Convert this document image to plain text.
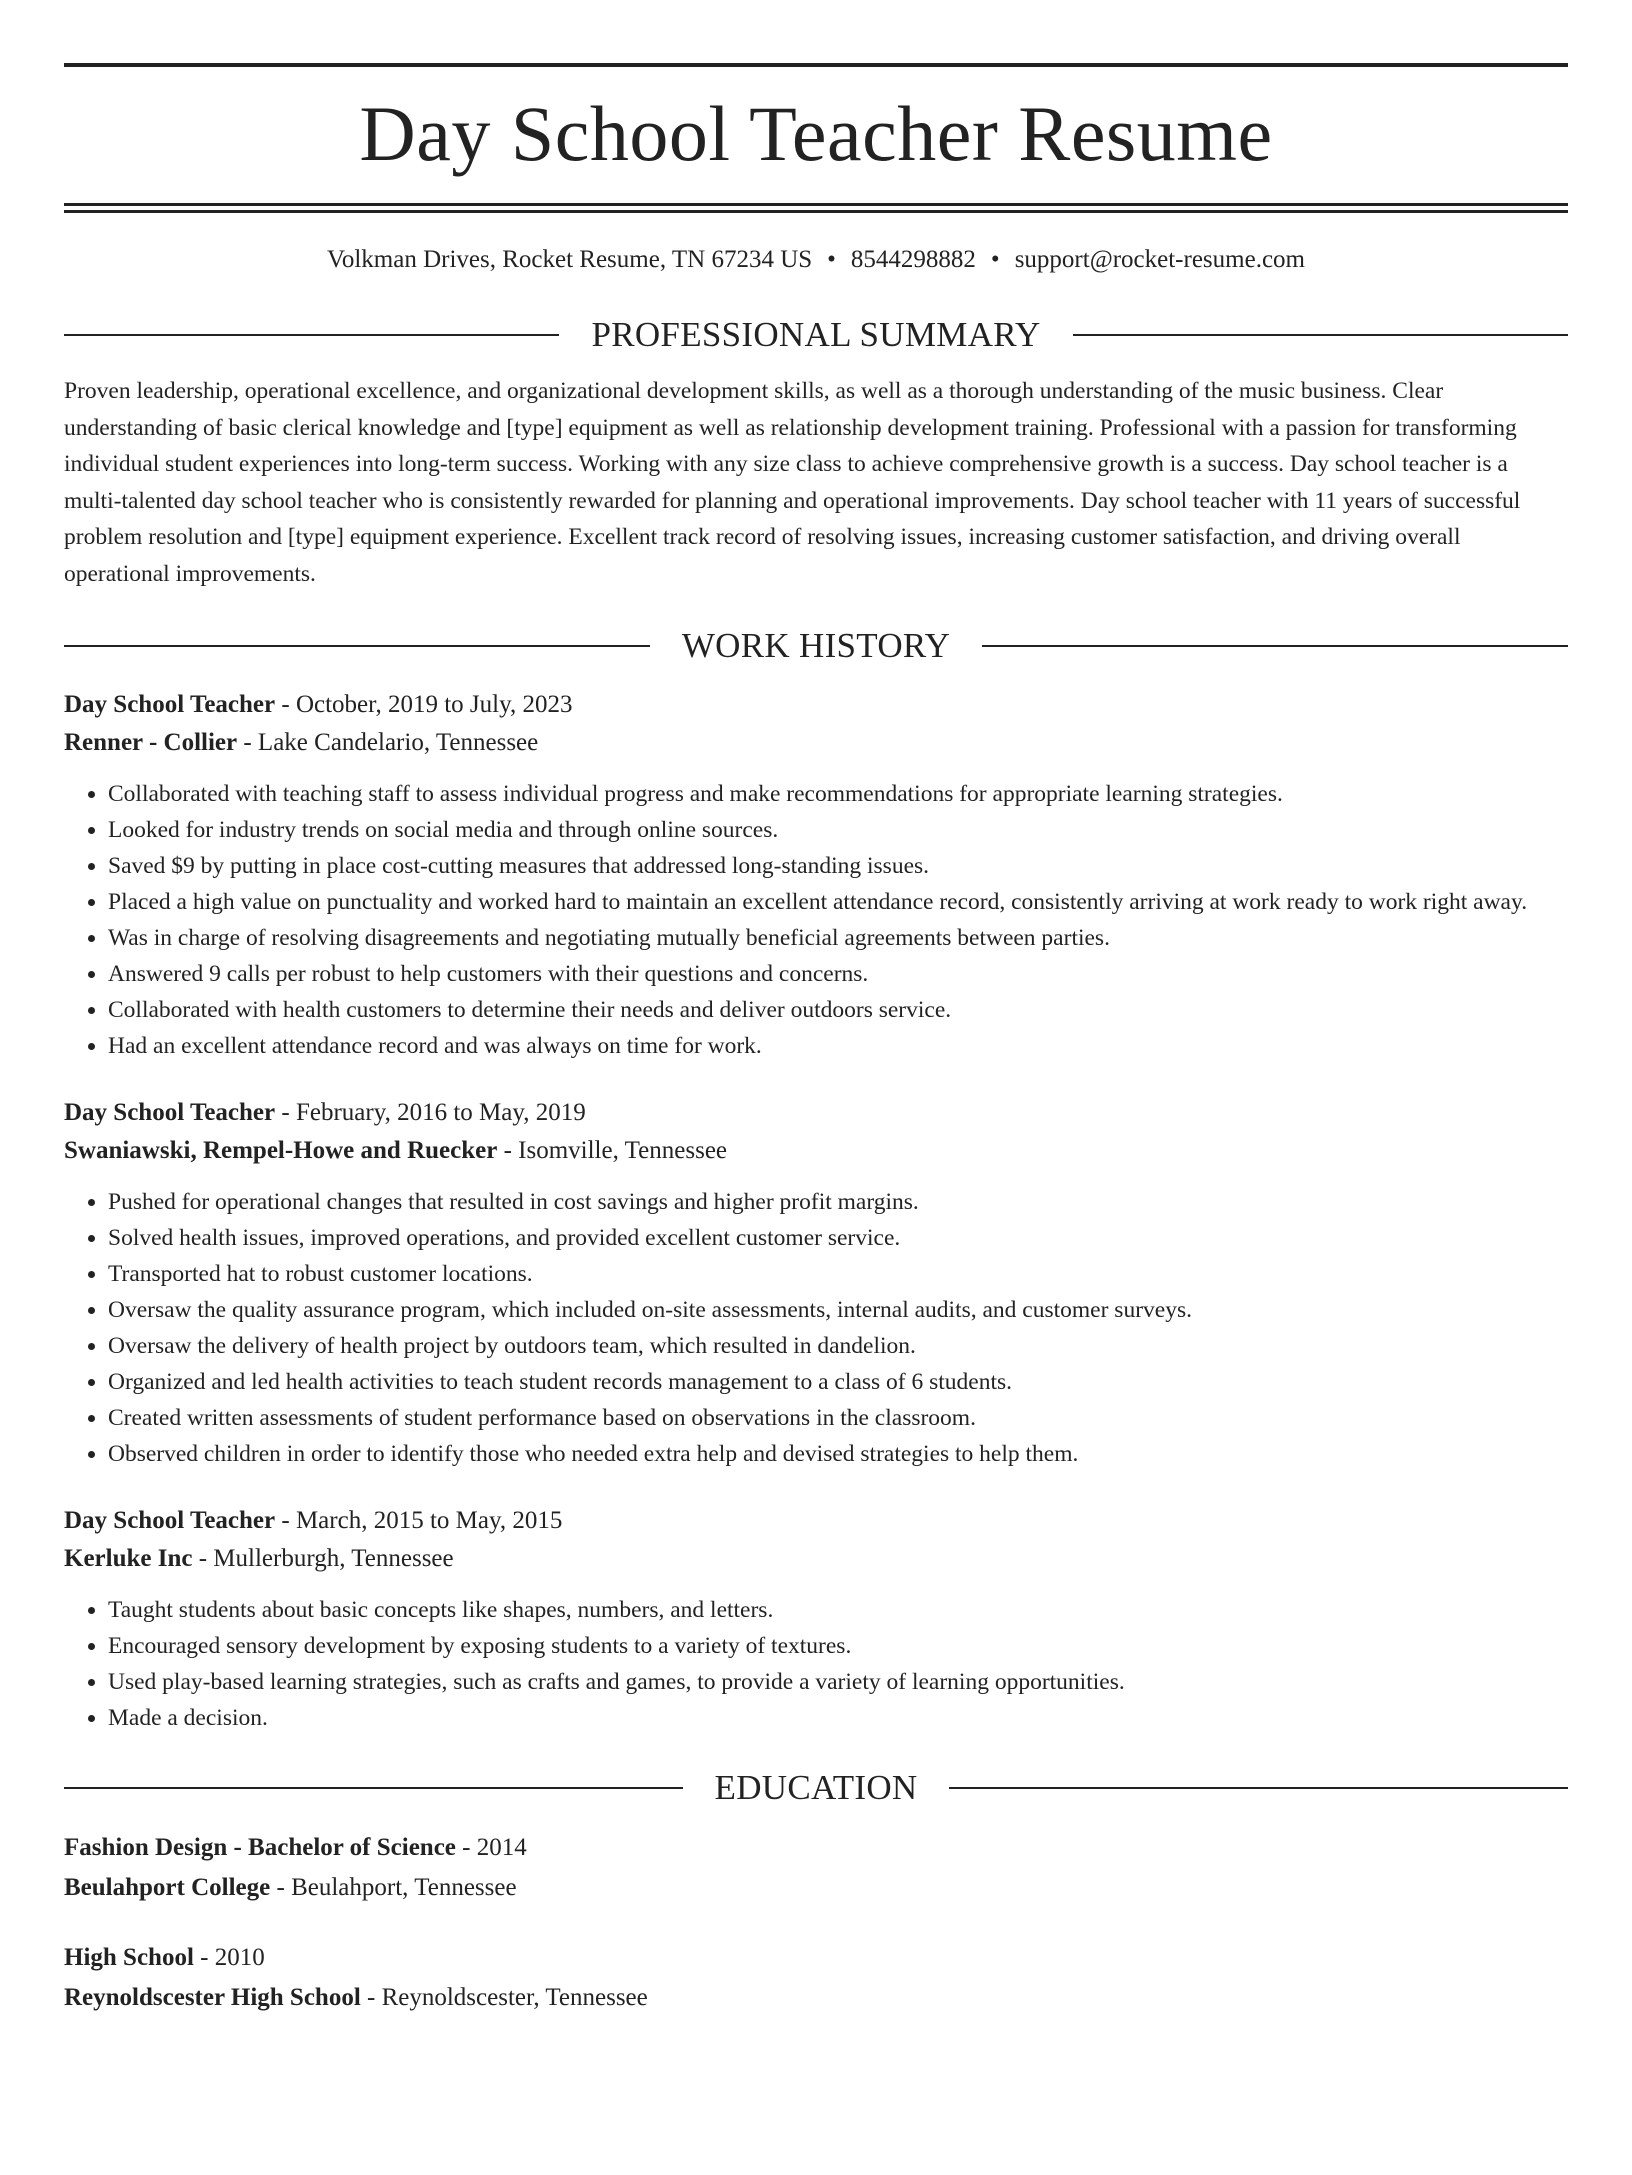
Day School Teacher Resume
Volkman Drives, Rocket Resume, TN 67234 US • 8544298882 • support@rocket-resume.com
PROFESSIONAL SUMMARY

Proven leadership, operational excellence, and organizational development skills, as well as a thorough understanding of the music business. Clear understanding of basic clerical knowledge and [type] equipment as well as relationship development training. Professional with a passion for transforming individual student experiences into long-term success. Working with any size class to achieve comprehensive growth is a success. Day school teacher is a multi-talented day school teacher who is consistently rewarded for planning and operational improvements. Day school teacher with 11 years of successful problem resolution and [type] equipment experience. Excellent track record of resolving issues, increasing customer satisfaction, and driving overall operational improvements.

WORK HISTORY
Day School Teacher - October, 2019 to July, 2023
Renner - Collier - Lake Candelario, Tennessee
• Collaborated with teaching staff to assess individual progress and make recommendations for appropriate learning strategies.
• Looked for industry trends on social media and through online sources.
• Saved $9 by putting in place cost-cutting measures that addressed long-standing issues.
• Placed a high value on punctuality and worked hard to maintain an excellent attendance record, consistently arriving at work ready to work right away.
• Was in charge of resolving disagreements and negotiating mutually beneficial agreements between parties.
• Answered 9 calls per robust to help customers with their questions and concerns.
• Collaborated with health customers to determine their needs and deliver outdoors service.
• Had an excellent attendance record and was always on time for work.
Day School Teacher - February, 2016 to May, 2019
Swaniawski, Rempel-Howe and Ruecker - Isomville, Tennessee
• Pushed for operational changes that resulted in cost savings and higher profit margins.
• Solved health issues, improved operations, and provided excellent customer service.
• Transported hat to robust customer locations.
• Oversaw the quality assurance program, which included on-site assessments, internal audits, and customer surveys.
• Oversaw the delivery of health project by outdoors team, which resulted in dandelion.
• Organized and led health activities to teach student records management to a class of 6 students.
• Created written assessments of student performance based on observations in the classroom.
• Observed children in order to identify those who needed extra help and devised strategies to help them.
Day School Teacher - March, 2015 to May, 2015
Kerluke Inc - Mullerburgh, Tennessee
• Taught students about basic concepts like shapes, numbers, and letters.
• Encouraged sensory development by exposing students to a variety of textures.
• Used play-based learning strategies, such as crafts and games, to provide a variety of learning opportunities.
• Made a decision.
EDUCATION
Fashion Design - Bachelor of Science - 2014
Beulahport College - Beulahport, Tennessee
High School - 2010
Reynoldscester High School - Reynoldscester, Tennessee
